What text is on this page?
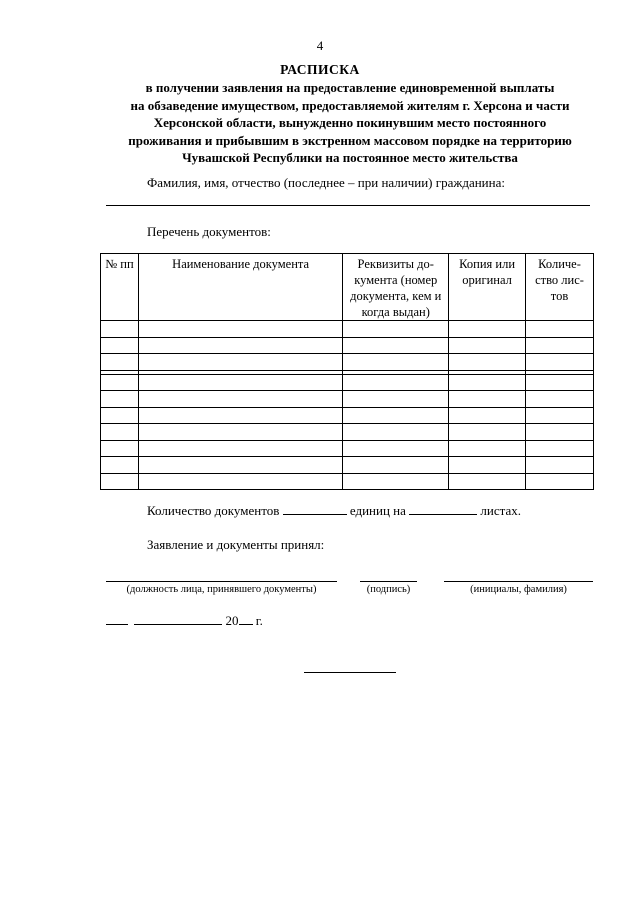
4
РАСПИСКА
в получении заявления на предоставление единовременной выплаты
на обзаведение имуществом, предоставляемой жителям г. Херсона и части
Херсонской области, вынужденно покинувшим место постоянного
проживания и прибывшим в экстренном массовом порядке на территорию
Чувашской Республики на постоянное место жительства
Фамилия, имя, отчество (последнее – при наличии) гражданина:
Перечень документов:
№ пп	Наименование документа	Реквизиты до-кумента (номер документа, кем и когда выдан)	Копия или оригинал	Количе-ство лис-тов

Количество документов	единиц на	листах.
Заявление и документы принял:
(должность лица, принявшего документы)	(подпись)	(инициалы, фамилия)
20 г.
